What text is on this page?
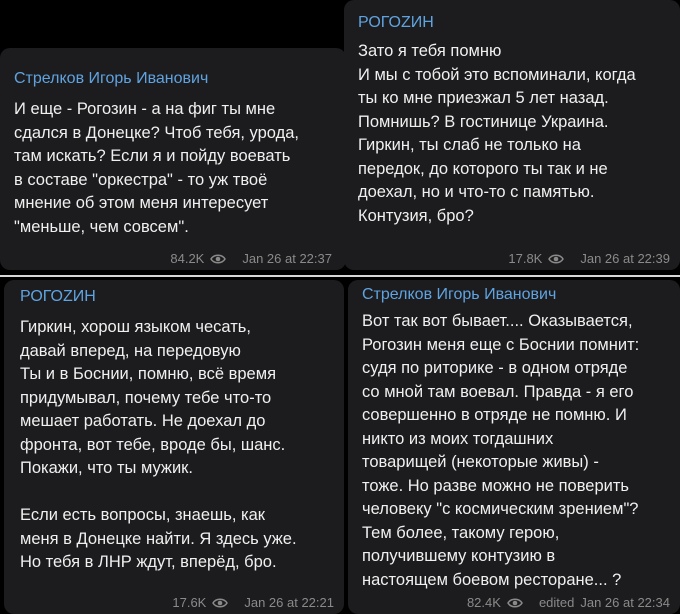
Стрелков Игорь Иванович
И еще - Рогозин - а на фиг ты мне
сдался в Донецке? Чтоб тебя, урода,
там искать? Если я и пойду воевать
в составе "оркестра" - то уж твоё
мнение об этом меня интересует
"меньше, чем совсем".
84.2K	Jan 26 at 22:37
РОГОZИН
Зато я тебя помню
И мы с тобой это вспоминали, когда
ты ко мне приезжал 5 лет назад.
Помнишь? В гостинице Украина.
Гиркин, ты слаб не только на
передок, до которого ты так и не
доехал, но и что-то с памятью.
Контузия, бро?
17.8K	Jan 26 at 22:39
РОГОZИН
Гиркин, хорош языком чесать,
давай вперед, на передовую
Ты и в Боснии, помню, всё время
придумывал, почему тебе что-то
мешает работать. Не доехал до
фронта, вот тебе, вроде бы, шанс.
Покажи, что ты мужик.

Если есть вопросы, знаешь, как
меня в Донецке найти. Я здесь уже.
Но тебя в ЛНР ждут, вперёд, бро.
17.6K	Jan 26 at 22:21
Стрелков Игорь Иванович
Вот так вот бывает.... Оказывается,
Рогозин меня еще с Боснии помнит:
судя по риторике - в одном отряде
со мной там воевал. Правда - я его
совершенно в отряде не помню. И
никто из моих тогдашних
товарищей (некоторые живы) -
тоже. Но разве можно не поверить
человеку "с космическим зрением"?
Тем более, такому герою,
получившему контузию в
настоящем боевом ресторане... ?
82.4K	edited Jan 26 at 22:34
